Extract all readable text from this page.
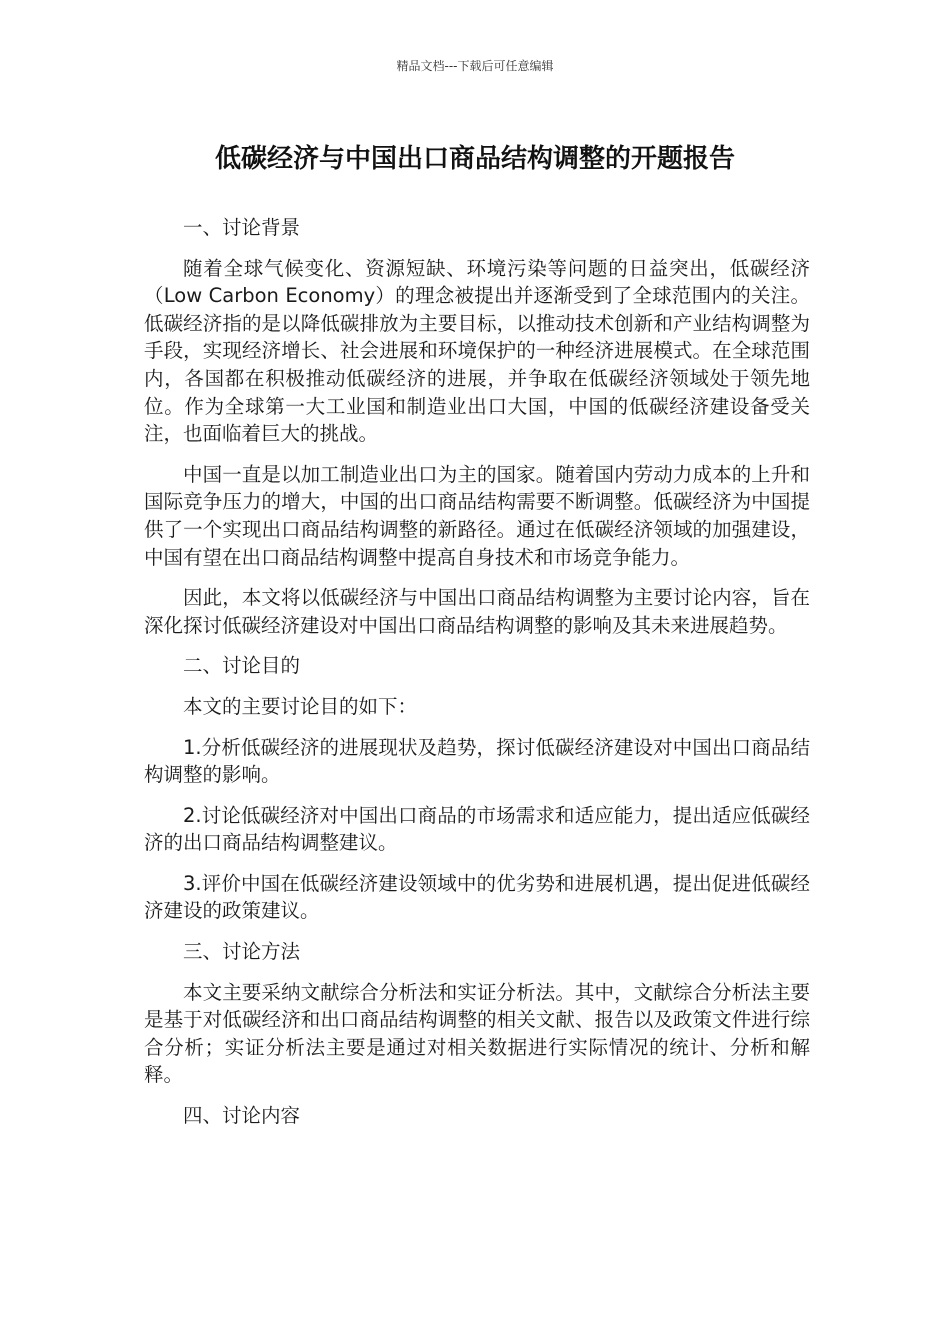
精品文档---下载后可任意编辑
低碳经济与中国出口商品结构调整的开题报告

一、讨论背景

随着全球气候变化、资源短缺、环境污染等问题的日益突出，低碳经济（Low Carbon Economy）的理念被提出并逐渐受到了全球范围内的关注。低碳经济指的是以降低碳排放为主要目标，以推动技术创新和产业结构调整为手段，实现经济增长、社会进展和环境保护的一种经济进展模式。在全球范围内，各国都在积极推动低碳经济的进展，并争取在低碳经济领域处于领先地位。作为全球第一大工业国和制造业出口大国，中国的低碳经济建设备受关注，也面临着巨大的挑战。

中国一直是以加工制造业出口为主的国家。随着国内劳动力成本的上升和国际竞争压力的增大，中国的出口商品结构需要不断调整。低碳经济为中国提供了一个实现出口商品结构调整的新路径。通过在低碳经济领域的加强建设，中国有望在出口商品结构调整中提高自身技术和市场竞争能力。

因此，本文将以低碳经济与中国出口商品结构调整为主要讨论内容，旨在深化探讨低碳经济建设对中国出口商品结构调整的影响及其未来进展趋势。

二、讨论目的

本文的主要讨论目的如下：

1.分析低碳经济的进展现状及趋势，探讨低碳经济建设对中国出口商品结构调整的影响。

2.讨论低碳经济对中国出口商品的市场需求和适应能力，提出适应低碳经济的出口商品结构调整建议。

3.评价中国在低碳经济建设领域中的优劣势和进展机遇，提出促进低碳经济建设的政策建议。

三、讨论方法

本文主要采纳文献综合分析法和实证分析法。其中，文献综合分析法主要是基于对低碳经济和出口商品结构调整的相关文献、报告以及政策文件进行综合分析；实证分析法主要是通过对相关数据进行实际情况的统计、分析和解释。

四、讨论内容
